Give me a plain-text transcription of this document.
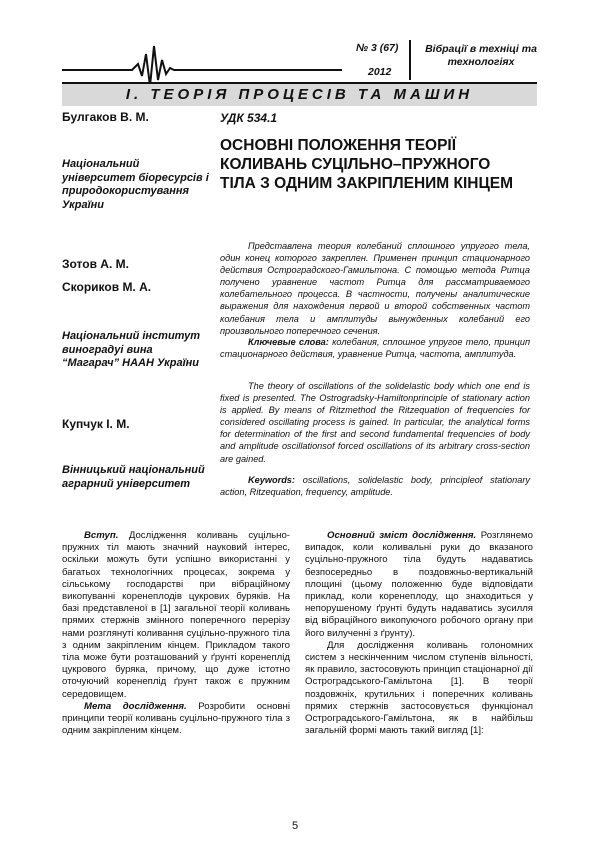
№ 3 (67)
2012
Вібрації в техніці та технологіях
І. ТЕОРІЯ ПРОЦЕСІВ ТА МАШИН
Булгаков В. М.
Національний університет біоресурсів і природокористування України
Зотов А. М.
Скориков М. А.
Національний інститут виноградуі вина “Магарач” НААН України
Купчук І. М.
Вінницький національний аграрний університет
УДК 534.1
ОСНОВНІ ПОЛОЖЕННЯ ТЕОРІЇ КОЛИВАНЬ СУЦІЛЬНО–ПРУЖНОГО ТІЛА З ОДНИМ ЗАКРІПЛЕНИМ КІНЦЕМ
Представлена теория колебаний сплошного упругого тела, один конец которого закреплен. Применен принцип стационарного действия Остроградского-Гамильтона. С помощью метода Ритца получено уравнение частот Ритца для рассматриваемого колебательного процесса. В частности, получены аналитические выражения для нахождения первой и второй собственных частот колебания тела и амплитуды вынужденных колебаний его произвольного поперечного сечения.
Ключевые слова: колебания, сплошное упругое тело, принцип стационарного действия, уравнение Ритца, частота, амплитуда.
The theory of oscillations of the solidelastic body which one end is fixed is presented. The Ostrogradsky-Hamiltonprinciple of stationary action is applied. By means of Ritzmethod the Ritzequation of frequencies for considered oscillating process is gained. In particular, the analytical forms for determination of the first and second fundamental frequencies of body and amplitude oscillationsof forced oscillations of its arbitrary cross-section are gained.
Keywords: oscillations, solidelastic body, principleof stationary action, Ritzequation, frequency, amplitude.
Вступ. Дослідження коливань суцільно-пружних тіл мають значний науковий інтерес, оскільки можуть бути успішно використанні у багатьох технологічних процесах, зокрема у сільському господарстві при вібраційному викопуванні коренеплодів цукрових буряків. На базі представленої в [1] загальної теорії коливань прямих стержнів змінного поперечного перерізу нами розглянуті коливання суцільно-пружного тіла з одним закріпленим кінцем. Прикладом такого тіла може бути розташований у ґрунті коренеплід цукрового буряка, причому, що дуже істотно оточуючий коренеплід ґрунт також є пружним середовищем.
Мета дослідження. Розробити основні принципи теорії коливань суцільно-пружного тіла з одним закріпленим кінцем.
Основний зміст дослідження. Розглянемо випадок, коли коливальні руки до вказаного суцільно-пружного тіла будуть надаватись безпосередньо в поздовжньо-вертикальній площині (цьому положенню буде відповідати приклад, коли коренеплоду, що знаходиться у непорушеному ґрунті будуть надаватись зусилля від вібраційного викопуючого робочого органу при його вилученні з ґрунту).
Для дослідження коливань голономних систем з нескінченним числом ступенів вільності, як правило, застосовують принцип стаціонарної дії Остроградського-Гамільтона [1]. В теорії поздовжніх, крутильних і поперечних коливань прямих стержнів застосовується функціонал Остроградського-Гамільтона, як в найбільш загальній формі мають такий вигляд [1]:
5
